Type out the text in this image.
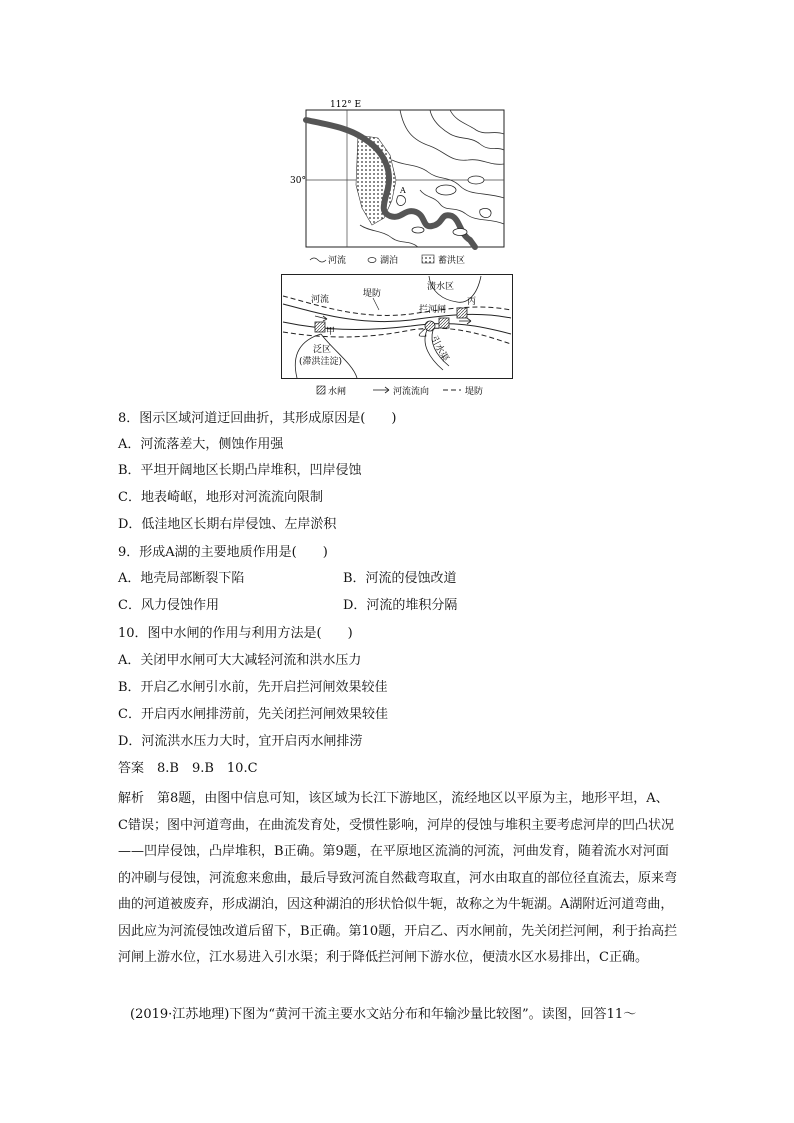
112° E
30°
A
河流	湖泊	蓄洪区
河流
堤防
渍水区
丙
拦河闸
甲	乙
泛区
(滞洪洼淀)	引水渠
水闸	河流流向	堤防
8．图示区域河道迂回曲折，其形成原因是(　　)
A．河流落差大，侧蚀作用强
B．平坦开阔地区长期凸岸堆积，凹岸侵蚀
C．地表崎岖，地形对河流流向限制
D．低洼地区长期右岸侵蚀、左岸淤积
9．形成A湖的主要地质作用是(　　)
A．地壳局部断裂下陷	B．河流的侵蚀改道
C．风力侵蚀作用	D．河流的堆积分隔
10．图中水闸的作用与利用方法是(　　)
A．关闭甲水闸可大大减轻河流和洪水压力
B．开启乙水闸引水前，先开启拦河闸效果较佳
C．开启丙水闸排涝前，先关闭拦河闸效果较佳
D．河流洪水压力大时，宜开启丙水闸排涝
答案　8.B　9.B　10.C
解析　第8题，由图中信息可知，该区域为长江下游地区，流经地区以平原为主，地形平坦，A、C错误；图中河道弯曲，在曲流发育处，受惯性影响，河岸的侵蚀与堆积主要考虑河岸的凹凸状况——凹岸侵蚀，凸岸堆积，B正确。第9题，在平原地区流淌的河流，河曲发育，随着流水对河面的冲刷与侵蚀，河流愈来愈曲，最后导致河流自然截弯取直，河水由取直的部位径直流去，原来弯曲的河道被废弃，形成湖泊，因这种湖泊的形状恰似牛轭，故称之为牛轭湖。A湖附近河道弯曲，因此应为河流侵蚀改道后留下，B正确。第10题，开启乙、丙水闸前，先关闭拦河闸，利于抬高拦河闸上游水位，江水易进入引水渠；利于降低拦河闸下游水位，便渍水区水易排出，C正确。
(2019·江苏地理)下图为“黄河干流主要水文站分布和年输沙量比较图”。读图，回答11～
